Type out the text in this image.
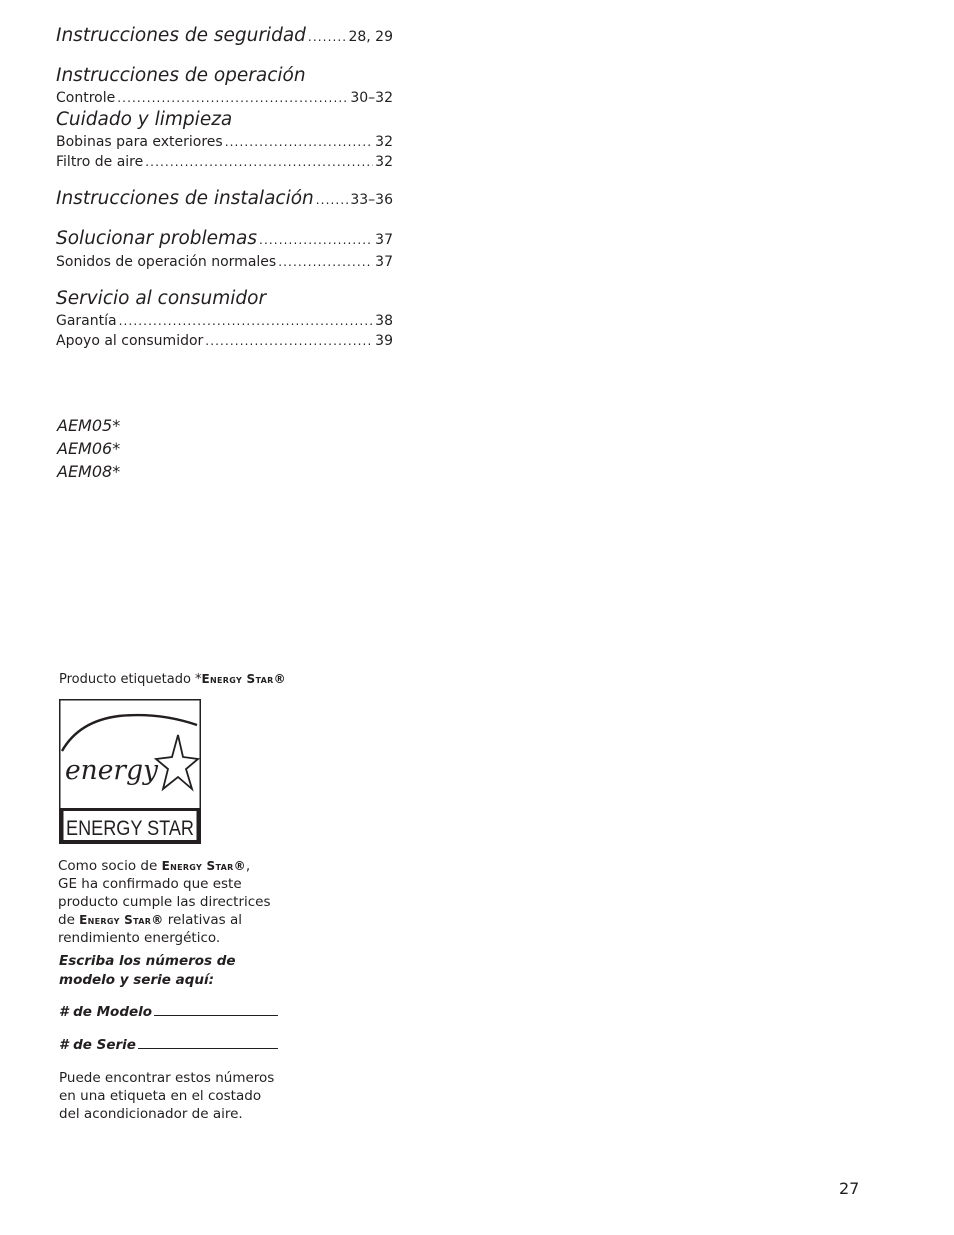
Instrucciones de seguridad .....	28, 29
Instrucciones de operación
Controle .....	30–32
Cuidado y limpieza
Bobinas para exteriores .....	32
Filtro de aire .....	32
Instrucciones de instalación .....	33–36
Solucionar problemas .....	37
Sonidos de operación normales .....	37
Servicio al consumidor
Garantía .....	38
Apoyo al consumidor .....	39
AEM05*
AEM06*
AEM08*
Producto etiquetado *Energy Star®
energy
ENERGY STAR
Como socio de Energy Star®,
GE ha confirmado que este producto cumple las directrices de Energy Star® relativas al rendimiento energético.
Escriba los números de modelo y serie aquí:
# de Modelo
# de Serie
Puede encontrar estos números en una etiqueta en el costado del acondicionador de aire.
27
